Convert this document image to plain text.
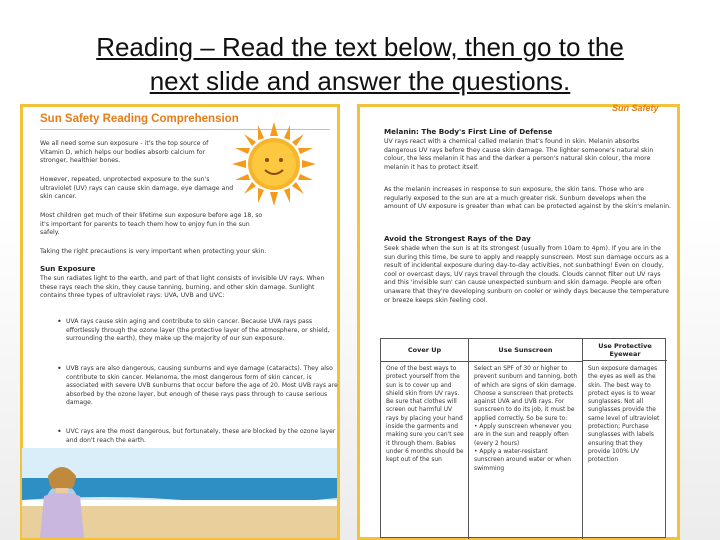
Reading – Read the text below, then go to the
next slide and answer the questions.
Sun Safety Reading Comprehension

We all need some sun exposure - it's the top source of Vitamin D, which helps our bodies absorb calcium for stronger, healthier bones.

However, repeated, unprotected exposure to the sun's ultraviolet (UV) rays can cause skin damage, eye damage and skin cancer.

Most children get much of their lifetime sun exposure before age 18, so it's important for parents to teach them how to enjoy fun in the sun safely.

Taking the right precautions is very important when protecting your skin.

Sun Exposure

The sun radiates light to the earth, and part of that light consists of invisible UV rays. When these rays reach the skin, they cause tanning, burning, and other skin damage. Sunlight contains three types of ultraviolet rays: UVA, UVB and UVC:

• UVA rays cause skin aging and contribute to skin cancer. Because UVA rays pass effortlessly through the ozone layer (the protective layer of the atmosphere, or shield, surrounding the earth), they make up the majority of our sun exposure.

• UVB rays are also dangerous, causing sunburns and eye damage (cataracts). They also contribute to skin cancer. Melanoma, the most dangerous form of skin cancer, is associated with severe UVB sunburns that occur before the age of 20. Most UVB rays are absorbed by the ozone layer, but enough of these rays pass through to cause serious damage.

• UVC rays are the most dangerous, but fortunately, these are blocked by the ozone layer and don't reach the earth.

Sun Safety
Melanin: The Body's First Line of Defense

UV rays react with a chemical called melanin that's found in skin. Melanin absorbs dangerous UV rays before they cause skin damage. The lighter someone's natural skin colour, the less melanin it has and the darker a person's natural skin colour, the more melanin it has to protect itself.

As the melanin increases in response to sun exposure, the skin tans. Those who are regularly exposed to the sun are at a much greater risk. Sunburn develops when the amount of UV exposure is greater than what can be protected against by the skin's melanin.

Avoid the Strongest Rays of the Day

Seek shade when the sun is at its strongest (usually from 10am to 4pm). If you are in the sun during this time, be sure to apply and reapply sunscreen. Most sun damage occurs as a result of incidental exposure during day-to-day activities, not sunbathing! Even on cloudy, cool or overcast days, UV rays travel through the clouds. Clouds cannot filter out UV rays and this 'invisible sun' can cause unexpected sunburn and skin damage. People are often unaware that they're developing sunburn on cooler or windy days because the temperature or breeze keeps skin feeling cool.

Cover Up

One of the best ways to protect yourself from the sun is to cover up and shield skin from UV rays. Be sure that clothes will screen out harmful UV rays by placing your hand inside the garments and making sure you can't see it through them. Babies under 6 months should be kept out of the sun

Use Sunscreen

Select an SPF of 30 or higher to prevent sunburn and tanning, both of which are signs of skin damage. Choose a sunscreen that protects against UVA and UVB rays. For sunscreen to do its job, it must be applied correctly. So be sure to:
• Apply sunscreen whenever you are in the sun and reapply often (every 2 hours)
• Apply a water-resistant sunscreen around water or when swimming

Use Protective Eyewear

Sun exposure damages the eyes as well as the skin. The best way to protect eyes is to wear sunglasses. Not all sunglasses provide the same level of ultraviolet protection; Purchase sunglasses with labels ensuring that they provide 100% UV protection
